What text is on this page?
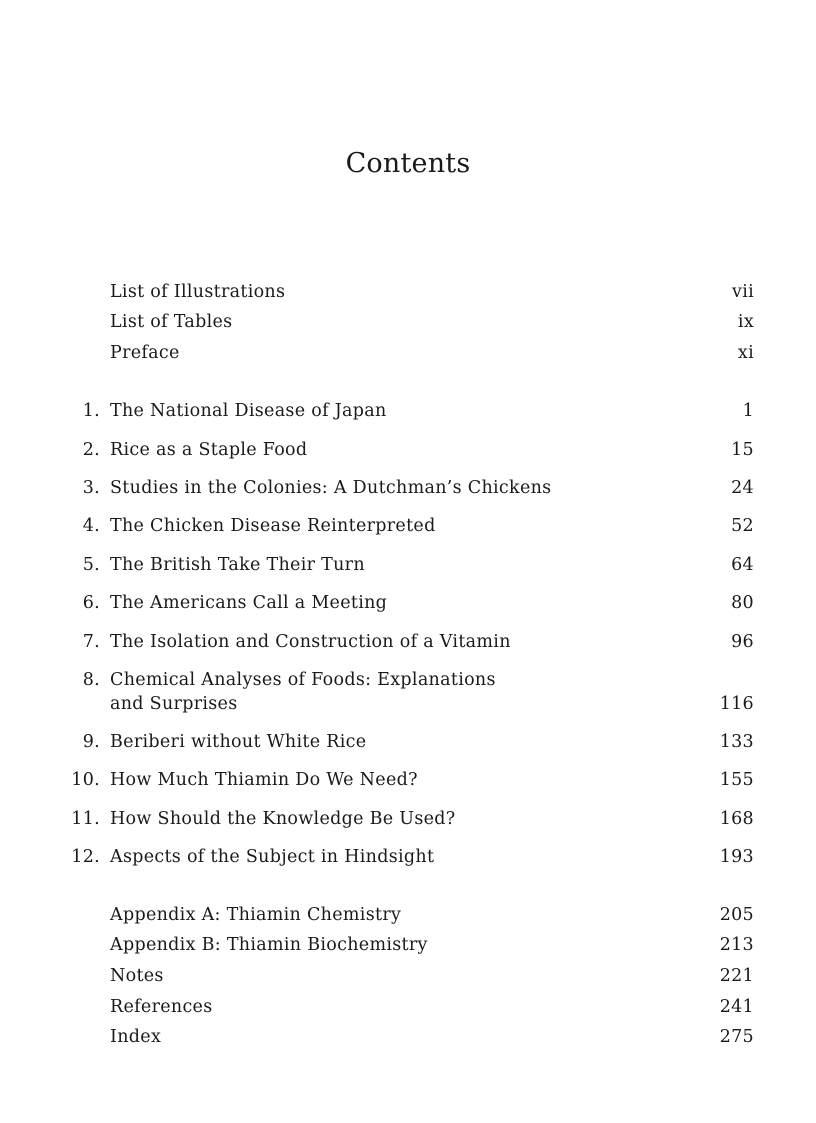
Contents
List of Illustrations	vii
List of Tables	ix
Preface	xi
1. The National Disease of Japan	1
2. Rice as a Staple Food	15
3. Studies in the Colonies: A Dutchman’s Chickens	24
4. The Chicken Disease Reinterpreted	52
5. The British Take Their Turn	64
6. The Americans Call a Meeting	80
7. The Isolation and Construction of a Vitamin	96
8. Chemical Analyses of Foods: Explanations
and Surprises	116
9. Beriberi without White Rice	133
10. How Much Thiamin Do We Need?	155
11. How Should the Knowledge Be Used?	168
12. Aspects of the Subject in Hindsight	193
Appendix A: Thiamin Chemistry	205
Appendix B: Thiamin Biochemistry	213
Notes	221
References	241
Index	275
